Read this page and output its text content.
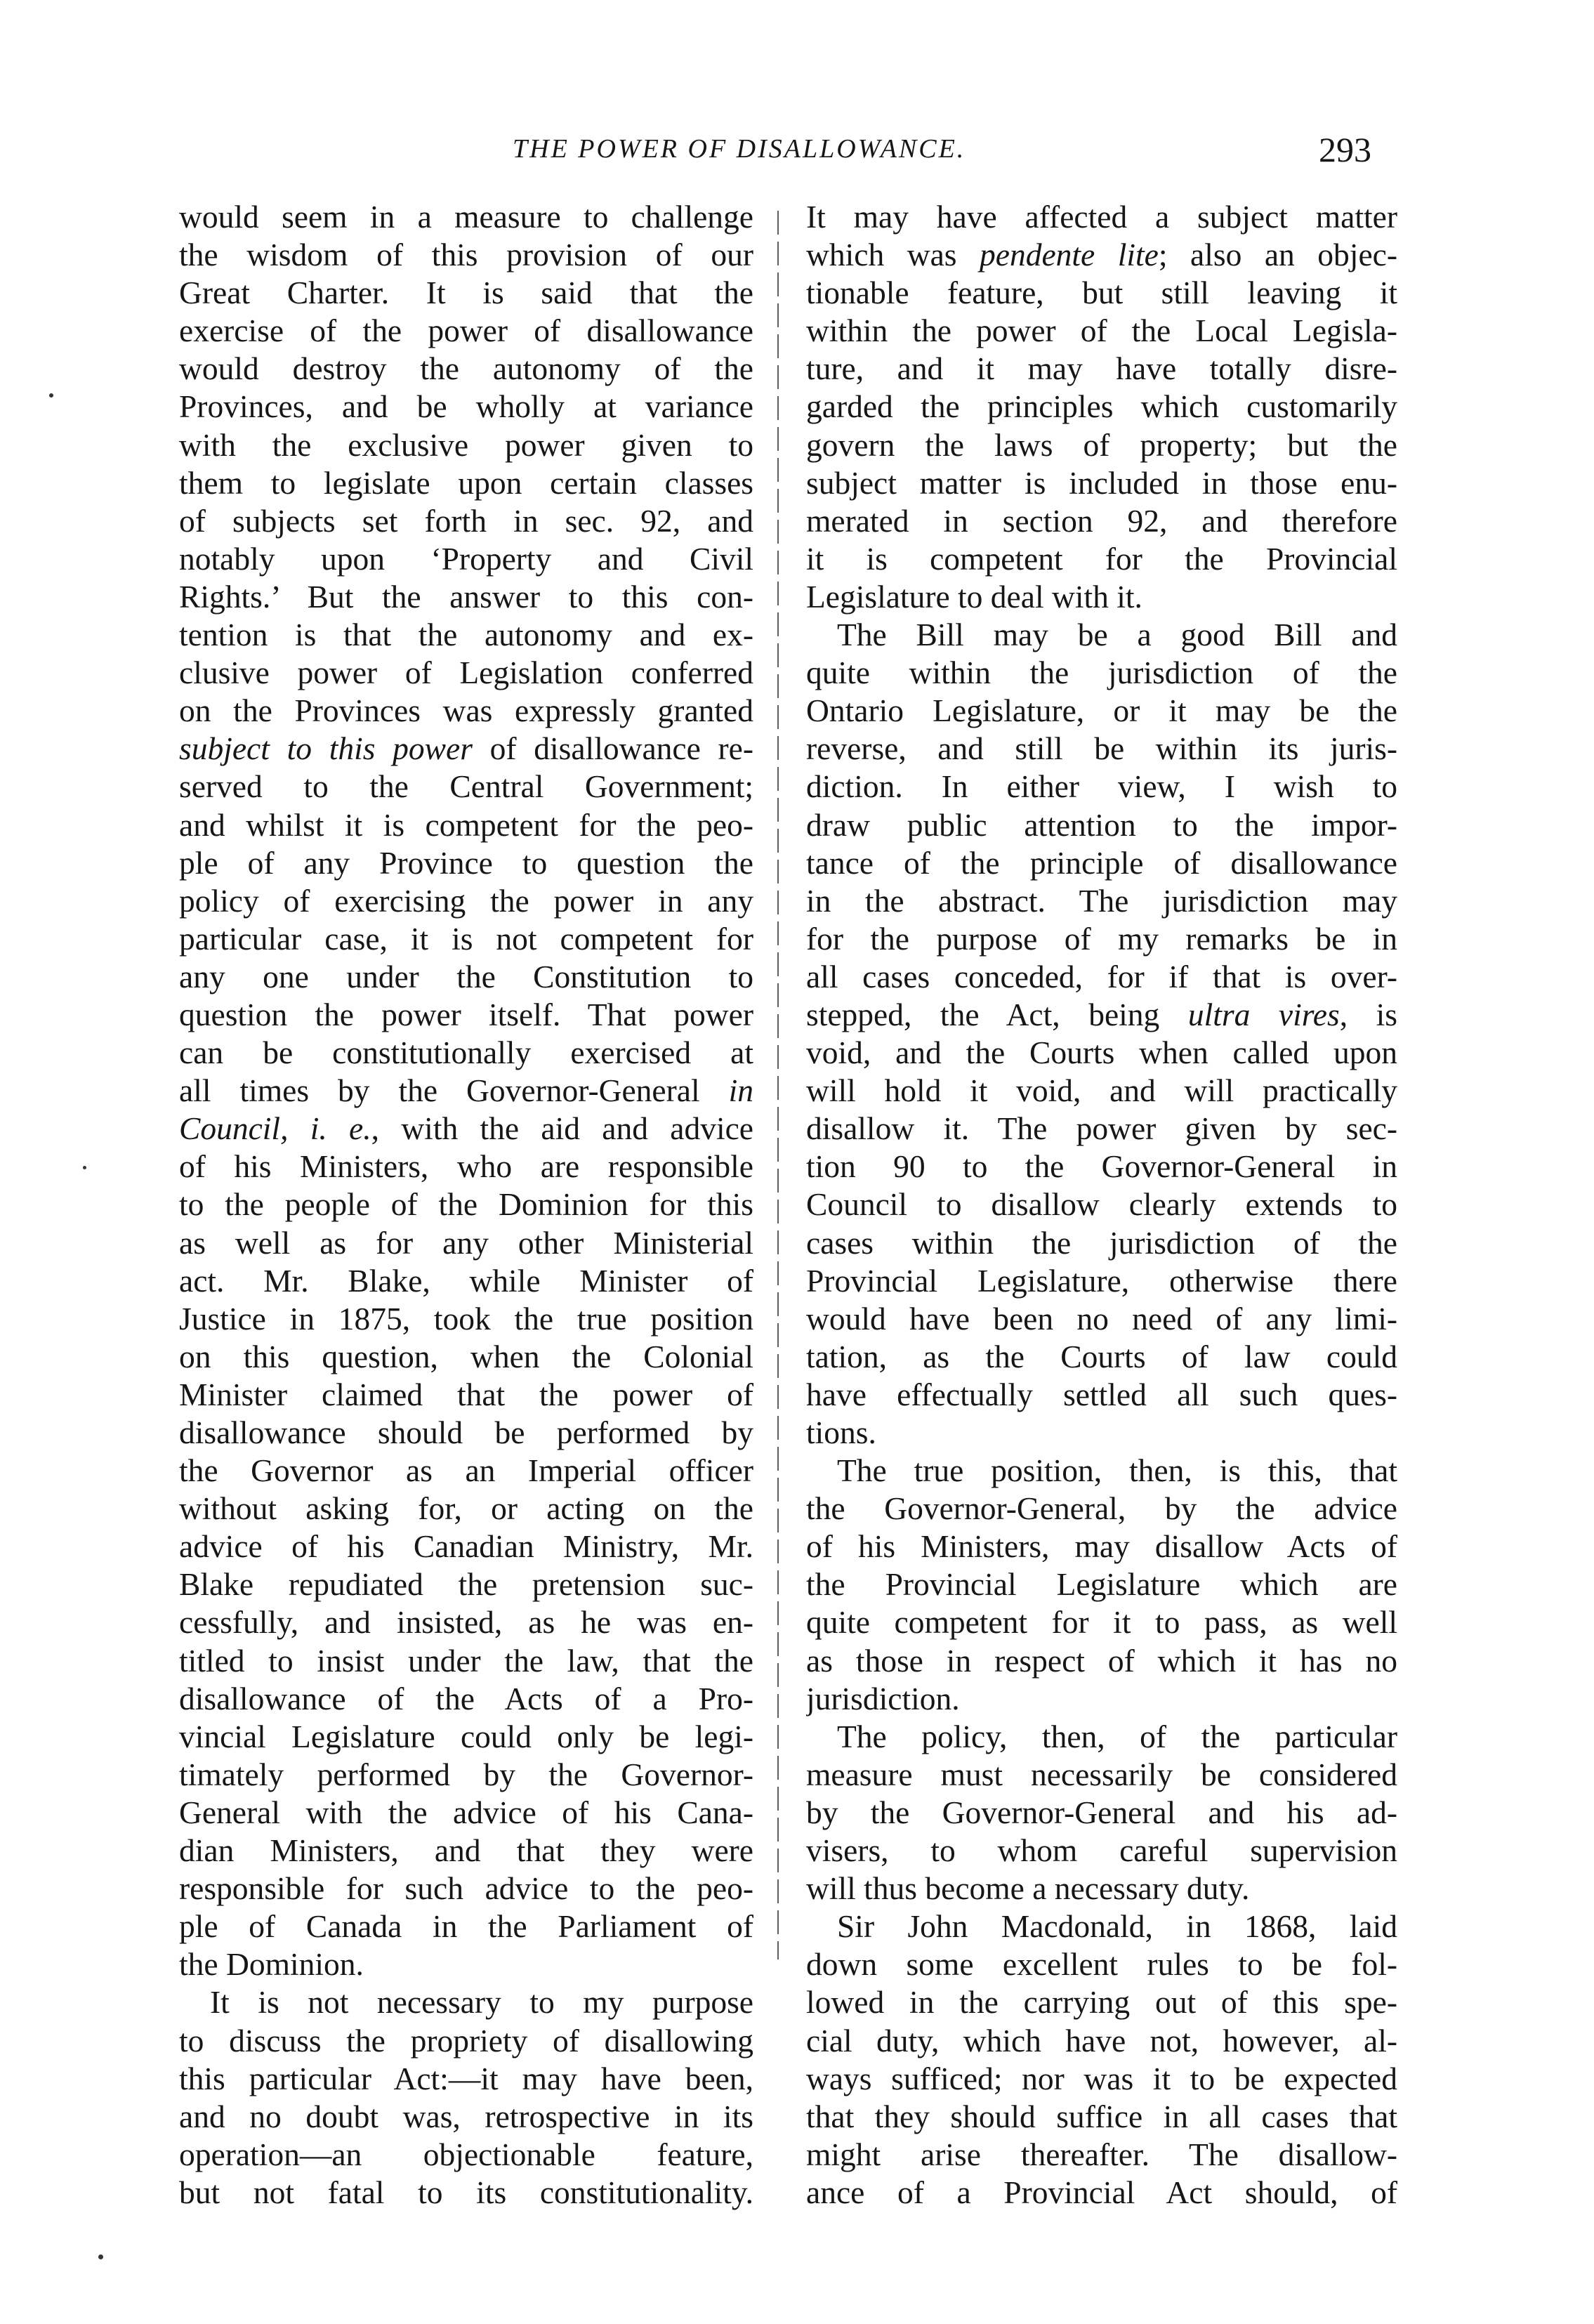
THE POWER OF DISALLOWANCE.	293
would seem in a measure to challenge
the wisdom of this provision of our
Great Charter. It is said that the
exercise of the power of disallowance
would destroy the autonomy of the
Provinces, and be wholly at variance
with the exclusive power given to
them to legislate upon certain classes
of subjects set forth in sec. 92, and
notably upon ‘Property and Civil
Rights.’ But the answer to this con-
tention is that the autonomy and ex-
clusive power of Legislation conferred
on the Provinces was expressly granted
subject to this power of disallowance re-
served to the Central Government;
and whilst it is competent for the peo-
ple of any Province to question the
policy of exercising the power in any
particular case, it is not competent for
any one under the Constitution to
question the power itself. That power
can be constitutionally exercised at
all times by the Governor-General in
Council, i. e., with the aid and advice
of his Ministers, who are responsible
to the people of the Dominion for this
as well as for any other Ministerial
act. Mr. Blake, while Minister of
Justice in 1875, took the true position
on this question, when the Colonial
Minister claimed that the power of
disallowance should be performed by
the Governor as an Imperial officer
without asking for, or acting on the
advice of his Canadian Ministry, Mr.
Blake repudiated the pretension suc-
cessfully, and insisted, as he was en-
titled to insist under the law, that the
disallowance of the Acts of a Pro-
vincial Legislature could only be legi-
timately performed by the Governor-
General with the advice of his Cana-
dian Ministers, and that they were
responsible for such advice to the peo-
ple of Canada in the Parliament of
the Dominion.
It is not necessary to my purpose
to discuss the propriety of disallowing
this particular Act:—it may have been,
and no doubt was, retrospective in its
operation—an objectionable feature,
but not fatal to its constitutionality.
It may have affected a subject matter
which was pendente lite; also an objec-
tionable feature, but still leaving it
within the power of the Local Legisla-
ture, and it may have totally disre-
garded the principles which customarily
govern the laws of property; but the
subject matter is included in those enu-
merated in section 92, and therefore
it is competent for the Provincial
Legislature to deal with it.
The Bill may be a good Bill and
quite within the jurisdiction of the
Ontario Legislature, or it may be the
reverse, and still be within its juris-
diction. In either view, I wish to
draw public attention to the impor-
tance of the principle of disallowance
in the abstract. The jurisdiction may
for the purpose of my remarks be in
all cases conceded, for if that is over-
stepped, the Act, being ultra vires, is
void, and the Courts when called upon
will hold it void, and will practically
disallow it. The power given by sec-
tion 90 to the Governor-General in
Council to disallow clearly extends to
cases within the jurisdiction of the
Provincial Legislature, otherwise there
would have been no need of any limi-
tation, as the Courts of law could
have effectually settled all such ques-
tions.
The true position, then, is this, that
the Governor-General, by the advice
of his Ministers, may disallow Acts of
the Provincial Legislature which are
quite competent for it to pass, as well
as those in respect of which it has no
jurisdiction.
The policy, then, of the particular
measure must necessarily be considered
by the Governor-General and his ad-
visers, to whom careful supervision
will thus become a necessary duty.
Sir John Macdonald, in 1868, laid
down some excellent rules to be fol-
lowed in the carrying out of this spe-
cial duty, which have not, however, al-
ways sufficed; nor was it to be expected
that they should suffice in all cases that
might arise thereafter. The disallow-
ance of a Provincial Act should, of
